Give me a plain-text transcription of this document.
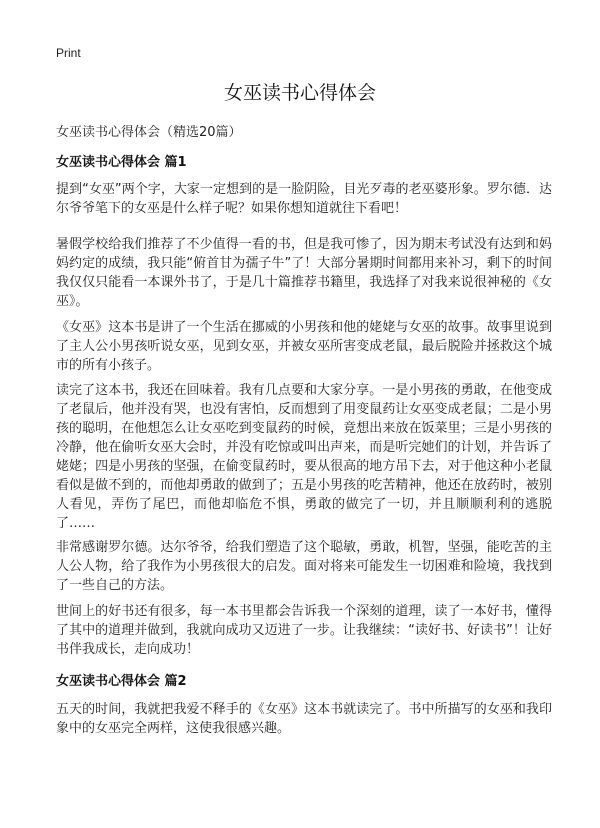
Print
女巫读书心得体会
女巫读书心得体会（精选20篇）
女巫读书心得体会 篇1

提到“女巫”两个字，大家一定想到的是一脸阴险，目光歹毒的老巫婆形象。罗尔德．达尔爷爷笔下的女巫是什么样子呢？如果你想知道就往下看吧！

暑假学校给我们推荐了不少值得一看的书，但是我可惨了，因为期末考试没有达到和妈妈约定的成绩，我只能“俯首甘为孺子牛”了！大部分暑期时间都用来补习，剩下的时间我仅仅只能看一本课外书了，于是几十篇推荐书籍里，我选择了对我来说很神秘的《女巫》。

《女巫》这本书是讲了一个生活在挪威的小男孩和他的姥姥与女巫的故事。故事里说到了主人公小男孩听说女巫，见到女巫，并被女巫所害变成老鼠，最后脱险并拯救这个城市的所有小孩子。

读完了这本书，我还在回味着。我有几点要和大家分享。一是小男孩的勇敢，在他变成了老鼠后，他并没有哭，也没有害怕，反而想到了用变鼠药让女巫变成老鼠；二是小男孩的聪明，在他想怎么让女巫吃到变鼠药的时候，竟想出来放在饭菜里；三是小男孩的冷静，他在偷听女巫大会时，并没有吃惊或叫出声来，而是听完她们的计划，并告诉了姥姥；四是小男孩的坚强，在偷变鼠药时，要从很高的地方吊下去，对于他这种小老鼠看似是做不到的，而他却勇敢的做到了；五是小男孩的吃苦精神，他还在放药时，被别人看见，弄伤了尾巴，而他却临危不惧，勇敢的做完了一切，并且顺顺利利的逃脱了……

非常感谢罗尔德。达尔爷爷，给我们塑造了这个聪敏，勇敢，机智，坚强，能吃苦的主人公人物，给了我作为小男孩很大的启发。面对将来可能发生一切困难和险境，我找到了一些自己的方法。

世间上的好书还有很多，每一本书里都会告诉我一个深刻的道理，读了一本好书，懂得了其中的道理并做到，我就向成功又迈进了一步。让我继续：“读好书、好读书”！让好书伴我成长，走向成功！

女巫读书心得体会 篇2

五天的时间，我就把我爱不释手的《女巫》这本书就读完了。书中所描写的女巫和我印象中的女巫完全两样，这使我很感兴趣。
